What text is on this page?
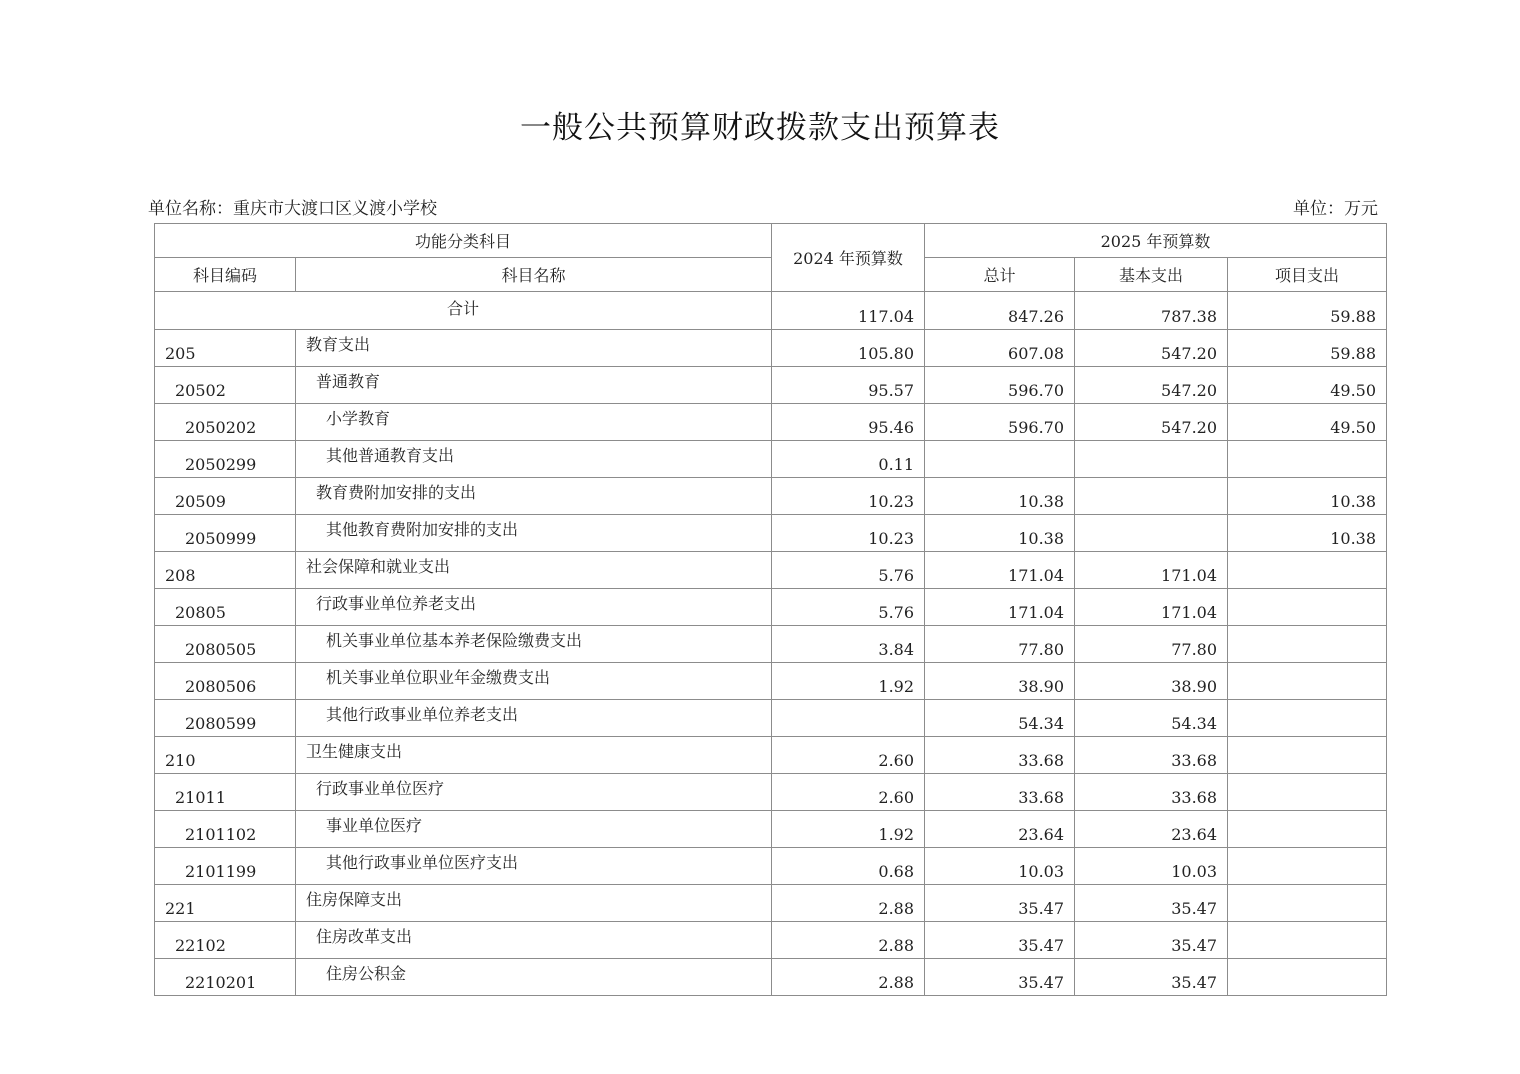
一般公共预算财政拨款支出预算表
单位名称：重庆市大渡口区义渡小学校	单位：万元
功能分类科目		2024 年预算数	2025 年预算数		
科目编码	科目名称		总计	基本支出	项目支出
合计		117.04	847.26	787.38	59.88
205	教育支出	105.80	607.08	547.20	59.88
20502	普通教育	95.57	596.70	547.20	49.50
2050202	小学教育	95.46	596.70	547.20	49.50
2050299	其他普通教育支出	0.11			
20509	教育费附加安排的支出	10.23	10.38		10.38
2050999	其他教育费附加安排的支出	10.23	10.38		10.38
208	社会保障和就业支出	5.76	171.04	171.04	
20805	行政事业单位养老支出	5.76	171.04	171.04	
2080505	机关事业单位基本养老保险缴费支出	3.84	77.80	77.80	
2080506	机关事业单位职业年金缴费支出	1.92	38.90	38.90	
2080599	其他行政事业单位养老支出		54.34	54.34	
210	卫生健康支出	2.60	33.68	33.68	
21011	行政事业单位医疗	2.60	33.68	33.68	
2101102	事业单位医疗	1.92	23.64	23.64	
2101199	其他行政事业单位医疗支出	0.68	10.03	10.03	
221	住房保障支出	2.88	35.47	35.47	
22102	住房改革支出	2.88	35.47	35.47	
2210201	住房公积金	2.88	35.47	35.47	
